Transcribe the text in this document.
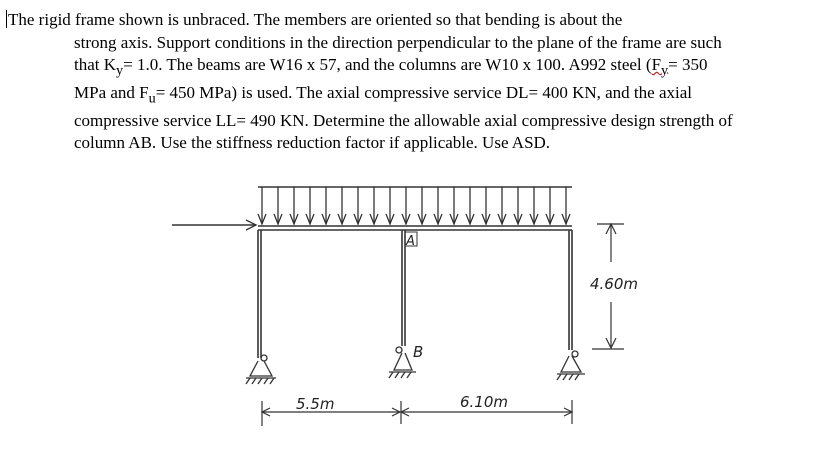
The rigid frame shown is unbraced. The members are oriented so that bending is about the

strong axis. Support conditions in the direction perpendicular to the plane of the frame are such

that $K_y= 1.0$. The beams are W16 x 57, and the columns are W10 x 100. A992 steel ($F_y= 350$

MPa and $F_u= 450$ MPa) is used. The axial compressive service DL= 400 KN, and the axial

compressive service LL= 490 KN. Determine the allowable axial compressive design strength of

column AB. Use the stiffness reduction factor if applicable. Use ASD.

A
B
4.60m
5.5m	6.10m
